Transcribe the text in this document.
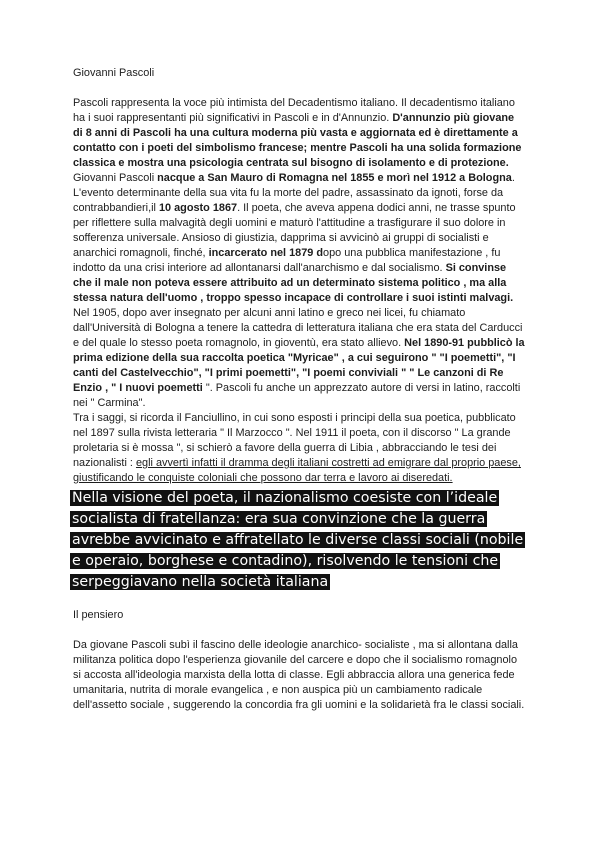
Giovanni Pascoli

Pascoli rappresenta la voce più intimista del Decadentismo italiano. Il decadentismo italiano ha i suoi rappresentanti più significativi in Pascoli e in d'Annunzio. D'annunzio più giovane di 8 anni di Pascoli ha una cultura moderna più vasta e aggiornata ed è direttamente a contatto con i poeti del simbolismo francese; mentre Pascoli ha una solida formazione classica e mostra una psicologia centrata sul bisogno di isolamento e di protezione.

Giovanni Pascoli nacque a San Mauro di Romagna nel 1855 e morì nel 1912 a Bologna. L'evento determinante della sua vita fu la morte del padre, assassinato da ignoti, forse da contrabbandieri,il 10 agosto 1867. Il poeta, che aveva appena dodici anni, ne trasse spunto per riflettere sulla malvagità degli uomini e maturò l'attitudine a trasfigurare il suo dolore in sofferenza universale. Ansioso di giustizia, dapprima si avvicinò ai gruppi di socialisti e anarchici romagnoli, finché, incarcerato nel 1879 dopo una pubblica manifestazione , fu indotto da una crisi interiore ad allontanarsi dall'anarchismo e dal socialismo. Si convinse che il male non poteva essere attribuito ad un determinato sistema politico , ma alla stessa natura dell'uomo , troppo spesso incapace di controllare i suoi istinti malvagi.

Nel 1905, dopo aver insegnato per alcuni anni latino e greco nei licei, fu chiamato dall'Università di Bologna a tenere la cattedra di letteratura italiana che era stata del Carducci e del quale lo stesso poeta romagnolo, in gioventù, era stato allievo. Nel 1890-91 pubblicò la prima edizione della sua raccolta poetica "Myricae" , a cui seguirono " "I poemetti", "I canti del Castelvecchio", "I primi poemetti", "I poemi conviviali " " Le canzoni di Re Enzio , " I nuovi poemetti ". Pascoli fu anche un apprezzato autore di versi in latino, raccolti nei " Carmina".

Tra i saggi, si ricorda il Fanciullino, in cui sono esposti i principi della sua poetica, pubblicato nel 1897 sulla rivista letteraria " Il Marzocco ". Nel 1911 il poeta, con il discorso " La grande proletaria si è mossa ", si schierò a favore della guerra di Libia , abbracciando le tesi dei nazionalisti : egli avvertì infatti il dramma degli italiani costretti ad emigrare dal proprio paese, giustificando le conquiste coloniali che possono dar terra e lavoro ai diseredati.

Nella visione del poeta, il nazionalismo coesiste con l’ideale socialista di fratellanza: era sua convinzione che la guerra avrebbe avvicinato e affratellato le diverse classi sociali (nobile e operaio, borghese e contadino), risolvendo le tensioni che serpeggiavano nella società italiana

Il pensiero

Da giovane Pascoli subì il fascino delle ideologie anarchico- socialiste , ma si allontana dalla militanza politica dopo l'esperienza giovanile del carcere e dopo che il socialismo romagnolo si accosta all'ideologia marxista della lotta di classe. Egli abbraccia allora una generica fede umanitaria, nutrita di morale evangelica , e non auspica più un cambiamento radicale dell'assetto sociale , suggerendo la concordia fra gli uomini e la solidarietà fra le classi sociali.
